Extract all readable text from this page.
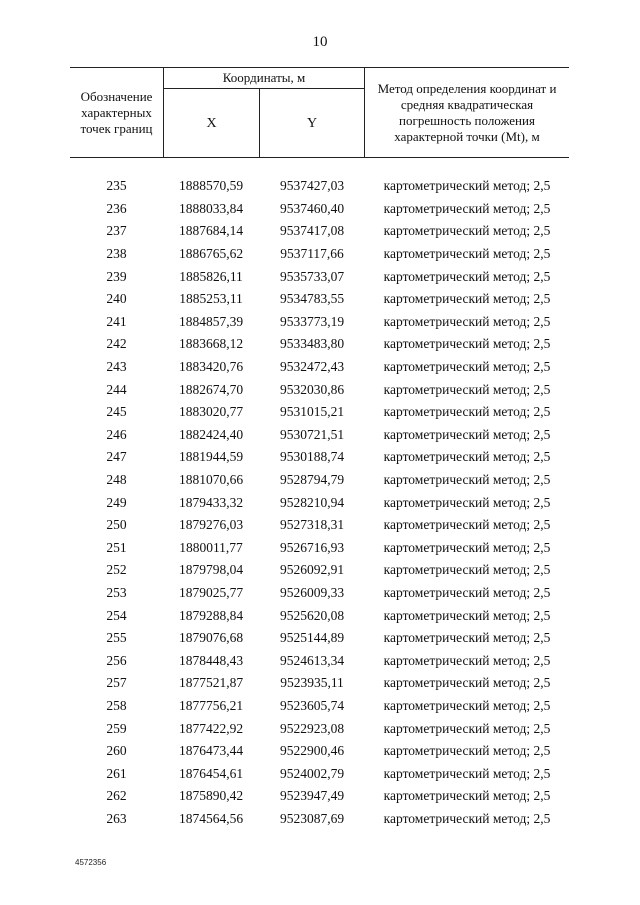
10
Обозначение характерных точек границ
Координаты, м
X	Y
Метод определения координат и средняя квадратическая погрешность положения характерной точки (Mt), м
235	1888570,59	9537427,03	картометрический метод; 2,5
236	1888033,84	9537460,40	картометрический метод; 2,5
237	1887684,14	9537417,08	картометрический метод; 2,5
238	1886765,62	9537117,66	картометрический метод; 2,5
239	1885826,11	9535733,07	картометрический метод; 2,5
240	1885253,11	9534783,55	картометрический метод; 2,5
241	1884857,39	9533773,19	картометрический метод; 2,5
242	1883668,12	9533483,80	картометрический метод; 2,5
243	1883420,76	9532472,43	картометрический метод; 2,5
244	1882674,70	9532030,86	картометрический метод; 2,5
245	1883020,77	9531015,21	картометрический метод; 2,5
246	1882424,40	9530721,51	картометрический метод; 2,5
247	1881944,59	9530188,74	картометрический метод; 2,5
248	1881070,66	9528794,79	картометрический метод; 2,5
249	1879433,32	9528210,94	картометрический метод; 2,5
250	1879276,03	9527318,31	картометрический метод; 2,5
251	1880011,77	9526716,93	картометрический метод; 2,5
252	1879798,04	9526092,91	картометрический метод; 2,5
253	1879025,77	9526009,33	картометрический метод; 2,5
254	1879288,84	9525620,08	картометрический метод; 2,5
255	1879076,68	9525144,89	картометрический метод; 2,5
256	1878448,43	9524613,34	картометрический метод; 2,5
257	1877521,87	9523935,11	картометрический метод; 2,5
258	1877756,21	9523605,74	картометрический метод; 2,5
259	1877422,92	9522923,08	картометрический метод; 2,5
260	1876473,44	9522900,46	картометрический метод; 2,5
261	1876454,61	9524002,79	картометрический метод; 2,5
262	1875890,42	9523947,49	картометрический метод; 2,5
263	1874564,56	9523087,69	картометрический метод; 2,5
4572356
